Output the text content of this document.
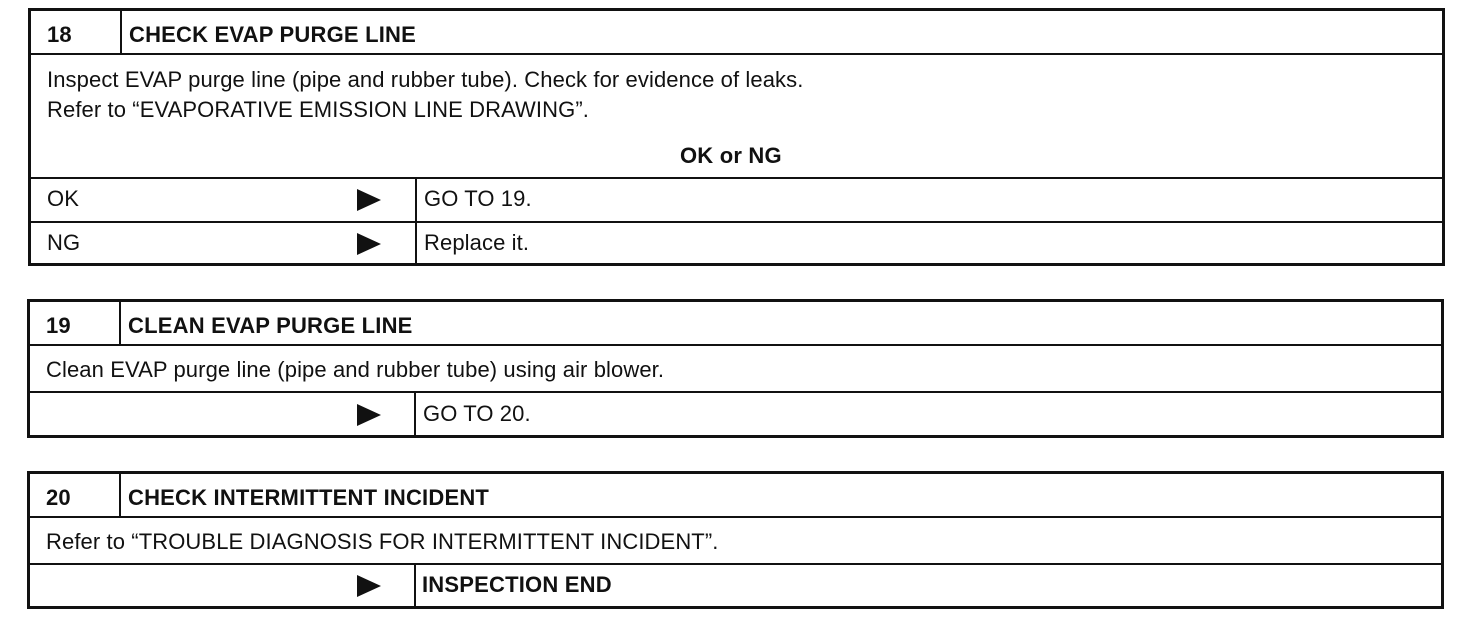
18	CHECK EVAP PURGE LINE
Inspect EVAP purge line (pipe and rubber tube). Check for evidence of leaks.
Refer to “EVAPORATIVE EMISSION LINE DRAWING”.
OK or NG
OK	GO TO 19.
NG	Replace it.
19	CLEAN EVAP PURGE LINE
Clean EVAP purge line (pipe and rubber tube) using air blower.
GO TO 20.
20	CHECK INTERMITTENT INCIDENT
Refer to “TROUBLE DIAGNOSIS FOR INTERMITTENT INCIDENT”.
INSPECTION END
